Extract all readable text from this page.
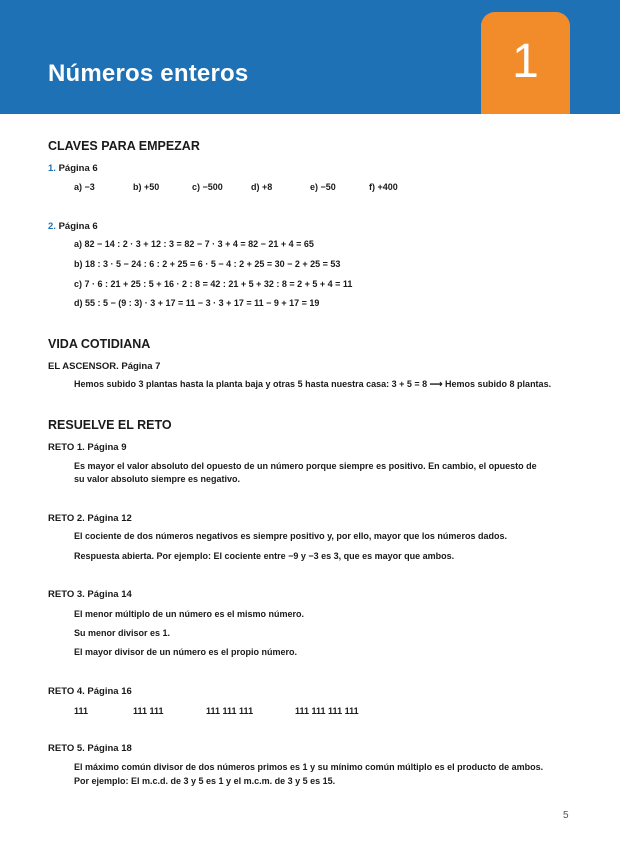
Números enteros	1
CLAVES PARA EMPEZAR
1. Página 6
a) −3	b) +50	c) −500	d) +8	e) −50	f) +400
2. Página 6
a) 82 − 14 : 2 · 3 + 12 : 3 = 82 − 7 · 3 + 4 = 82 − 21 + 4 = 65
b) 18 : 3 · 5 − 24 : 6 : 2 + 25 = 6 · 5 − 4 : 2 + 25 = 30 − 2 + 25 = 53
c) 7 · 6 : 21 + 25 : 5 + 16 · 2 : 8 = 42 : 21 + 5 + 32 : 8 = 2 + 5 + 4 = 11
d) 55 : 5 − (9 : 3) · 3 + 17 = 11 − 3 · 3 + 17 = 11 − 9 + 17 = 19
VIDA COTIDIANA
EL ASCENSOR. Página 7
Hemos subido 3 plantas hasta la planta baja y otras 5 hasta nuestra casa: 3 + 5 = 8 ⟶ Hemos subido 8 plantas.
RESUELVE EL RETO
RETO 1. Página 9
Es mayor el valor absoluto del opuesto de un número porque siempre es positivo. En cambio, el opuesto de su valor absoluto siempre es negativo.
RETO 2. Página 12
El cociente de dos números negativos es siempre positivo y, por ello, mayor que los números dados.
Respuesta abierta. Por ejemplo: El cociente entre −9 y −3 es 3, que es mayor que ambos.
RETO 3. Página 14
El menor múltiplo de un número es el mismo número.
Su menor divisor es 1.
El mayor divisor de un número es el propio número.
RETO 4. Página 16
111	111 111	111 111 111	111 111 111 111
RETO 5. Página 18
El máximo común divisor de dos números primos es 1 y su mínimo común múltiplo es el producto de ambos.
Por ejemplo: El m.c.d. de 3 y 5 es 1 y el m.c.m. de 3 y 5 es 15.
5
